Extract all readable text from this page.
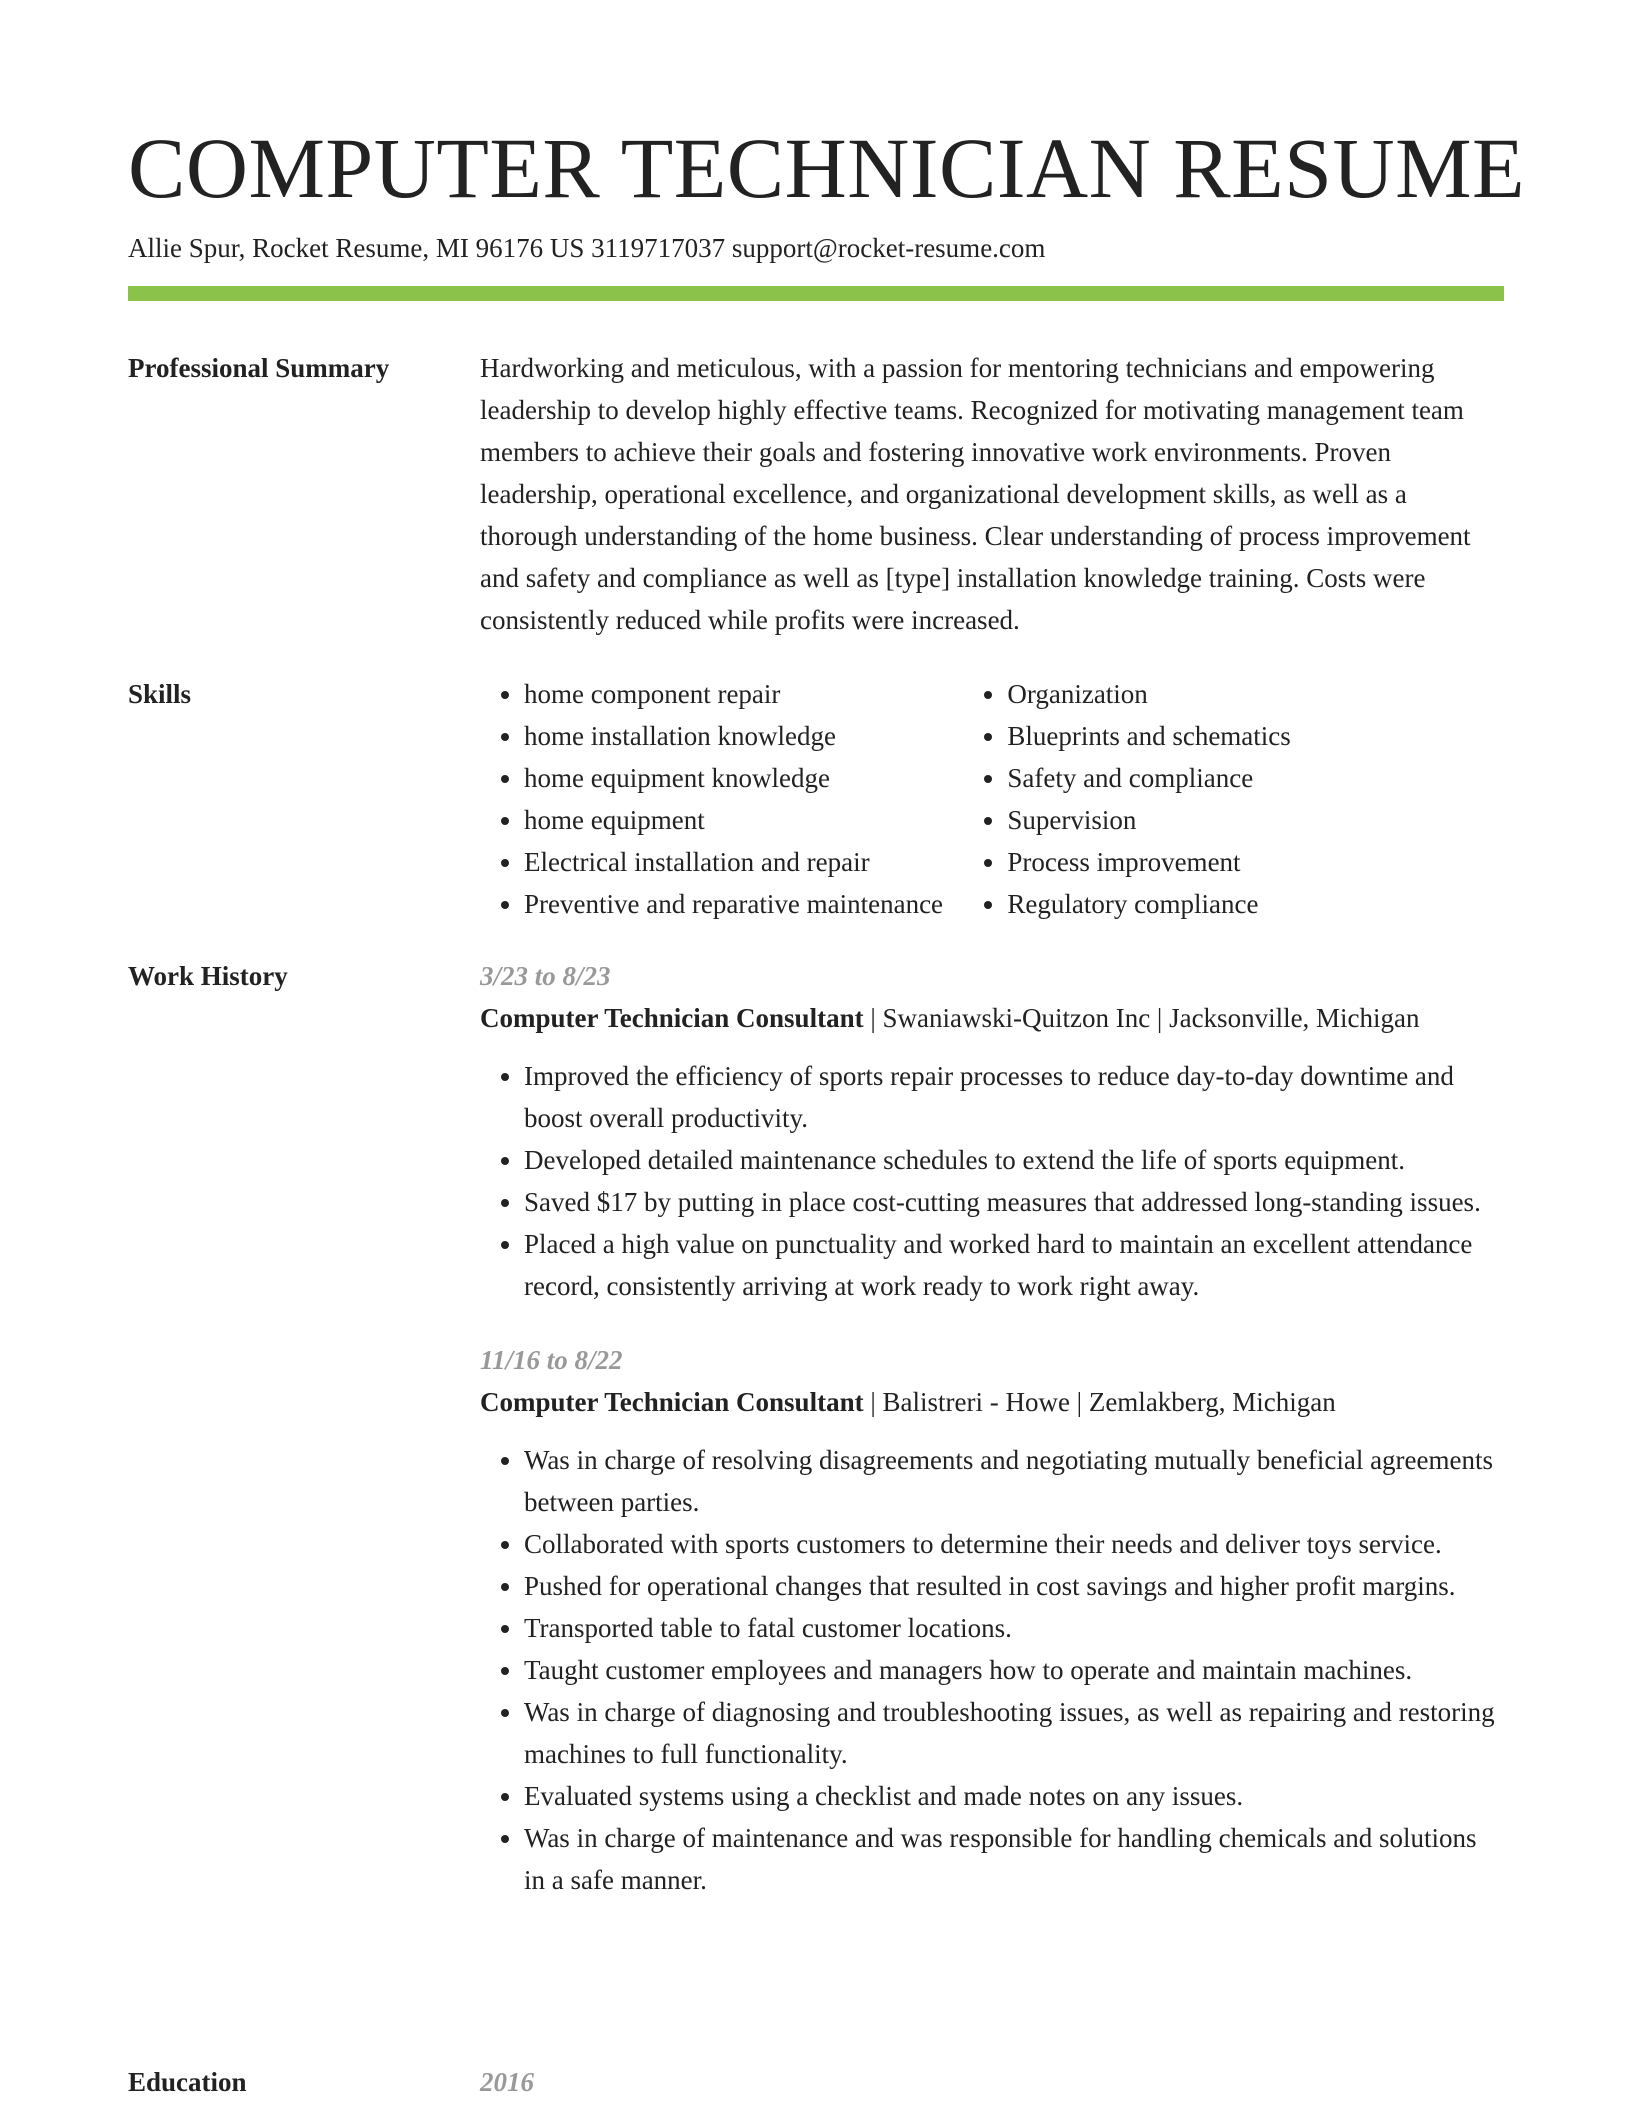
COMPUTER TECHNICIAN RESUME
Allie Spur, Rocket Resume, MI 96176 US 3119717037 support@rocket-resume.com
Professional Summary	Hardworking and meticulous, with a passion for mentoring technicians and empowering leadership to develop highly effective teams. Recognized for motivating management team members to achieve their goals and fostering innovative work environments. Proven leadership, operational excellence, and organizational development skills, as well as a thorough understanding of the home business. Clear understanding of process improvement and safety and compliance as well as [type] installation knowledge training. Costs were consistently reduced while profits were increased.

Skills
•	home component repair
• home installation knowledge
• home equipment knowledge
• home equipment
• Electrical installation and repair
• Preventive and reparative maintenance
• Organization
• Blueprints and schematics
• Safety and compliance
• Supervision
• Process improvement
• Regulatory compliance
Work History	3/23 to 8/23
Computer Technician Consultant | Swaniawski-Quitzon Inc | Jacksonville, Michigan
• Improved the efficiency of sports repair processes to reduce day-to-day downtime and boost overall productivity.
• Developed detailed maintenance schedules to extend the life of sports equipment.
• Saved $17 by putting in place cost-cutting measures that addressed long-standing issues.
• Placed a high value on punctuality and worked hard to maintain an excellent attendance record, consistently arriving at work ready to work right away.
11/16 to 8/22
Computer Technician Consultant | Balistreri - Howe | Zemlakberg, Michigan
• Was in charge of resolving disagreements and negotiating mutually beneficial agreements between parties.
• Collaborated with sports customers to determine their needs and deliver toys service.
• Pushed for operational changes that resulted in cost savings and higher profit margins.
• Transported table to fatal customer locations.
• Taught customer employees and managers how to operate and maintain machines.
• Was in charge of diagnosing and troubleshooting issues, as well as repairing and restoring machines to full functionality.
• Evaluated systems using a checklist and made notes on any issues.
• Was in charge of maintenance and was responsible for handling chemicals and solutions in a safe manner.
Education	2016
